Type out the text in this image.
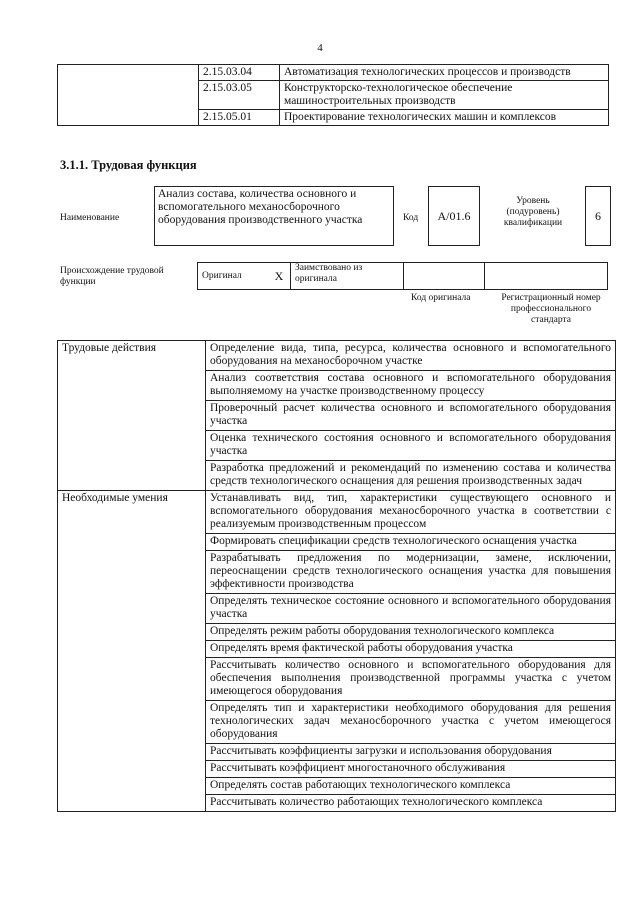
4
	2.15.03.04	Автоматизация технологических процессов и производств
	2.15.03.05	Конструкторско-технологическое обеспечение машиностроительных производств
	2.15.05.01	Проектирование технологических машин и комплексов
3.1.1. Трудовая функция
Наименование
Анализ состава, количества основного и вспомогательного механосборочного оборудования производственного участка	Код	A/01.6
Уровень (подуровень) квалификации
6
Происхождение трудовой функции
Оригинал	X	Заимствовано из оригинала		
Код оригинала	Регистрационный номер профессионального стандарта
Трудовые действия	Определение вида, типа, ресурса, количества основного и вспомогательного оборудования на механосборочном участке
	Анализ соответствия состава основного и вспомогательного оборудования выполняемому на участке производственному процессу
	Проверочный расчет количества основного и вспомогательного оборудования участка
	Оценка технического состояния основного и вспомогательного оборудования участка
	Разработка предложений и рекомендаций по изменению состава и количества средств технологического оснащения для решения производственных задач
Необходимые умения	Устанавливать вид, тип, характеристики существующего основного и вспомогательного оборудования механосборочного участка в соответствии с реализуемым производственным процессом
	Формировать спецификации средств технологического оснащения участка
	Разрабатывать предложения по модернизации, замене, исключении, переоснащении средств технологического оснащения участка для повышения эффективности производства
	Определять техническое состояние основного и вспомогательного оборудования участка
	Определять режим работы оборудования технологического комплекса
	Определять время фактической работы оборудования участка
	Рассчитывать количество основного и вспомогательного оборудования для обеспечения выполнения производственной программы участка с учетом имеющегося оборудования
	Определять тип и характеристики необходимого оборудования для решения технологических задач механосборочного участка с учетом имеющегося оборудования
	Рассчитывать коэффициенты загрузки и использования оборудования
	Рассчитывать коэффициент многостаночного обслуживания
	Определять состав работающих технологического комплекса
	Рассчитывать количество работающих технологического комплекса
